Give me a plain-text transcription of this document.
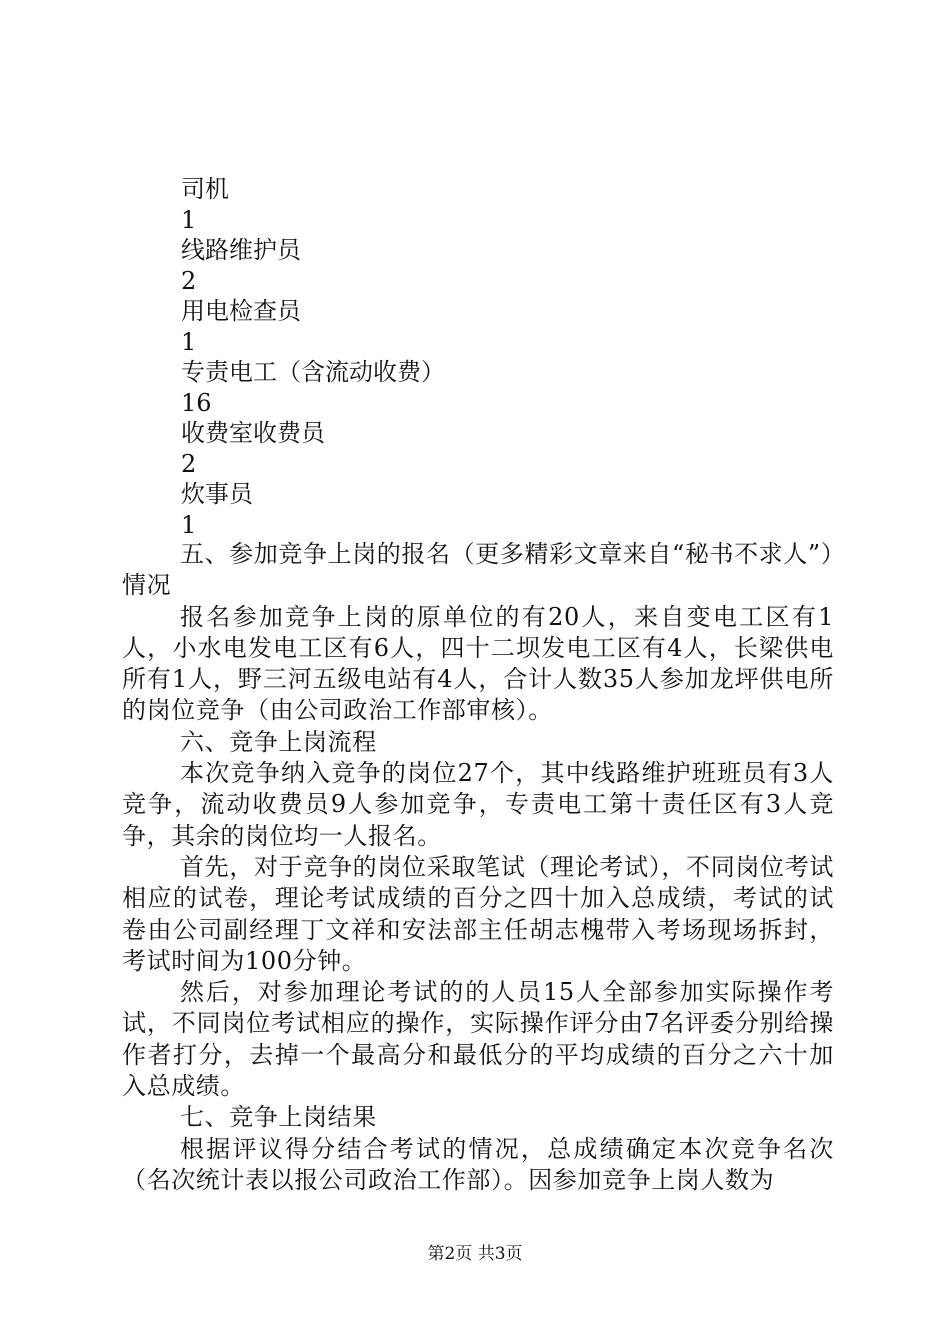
司机
1
线路维护员
2
用电检查员
1
专责电工（含流动收费）
16
收费室收费员
2
炊事员
1

五、参加竞争上岗的报名（更多精彩文章来自“秘书不求人”）情况

报名参加竞争上岗的原单位的有20人，来自变电工区有1人，小水电发电工区有6人，四十二坝发电工区有4人，长梁供电所有1人，野三河五级电站有4人，合计人数35人参加龙坪供电所的岗位竞争（由公司政治工作部审核）。

六、竞争上岗流程

本次竞争纳入竞争的岗位27个，其中线路维护班班员有3人竞争，流动收费员9人参加竞争，专责电工第十责任区有3人竞争，其余的岗位均一人报名。

首先，对于竞争的岗位采取笔试（理论考试），不同岗位考试相应的试卷，理论考试成绩的百分之四十加入总成绩，考试的试卷由公司副经理丁文祥和安法部主任胡志槐带入考场现场拆封，考试时间为100分钟。

然后，对参加理论考试的的人员15人全部参加实际操作考试，不同岗位考试相应的操作，实际操作评分由7名评委分别给操作者打分，去掉一个最高分和最低分的平均成绩的百分之六十加入总成绩。

七、竞争上岗结果

根据评议得分结合考试的情况，总成绩确定本次竞争名次（名次统计表以报公司政治工作部）。因参加竞争上岗人数为

第2页 共3页
